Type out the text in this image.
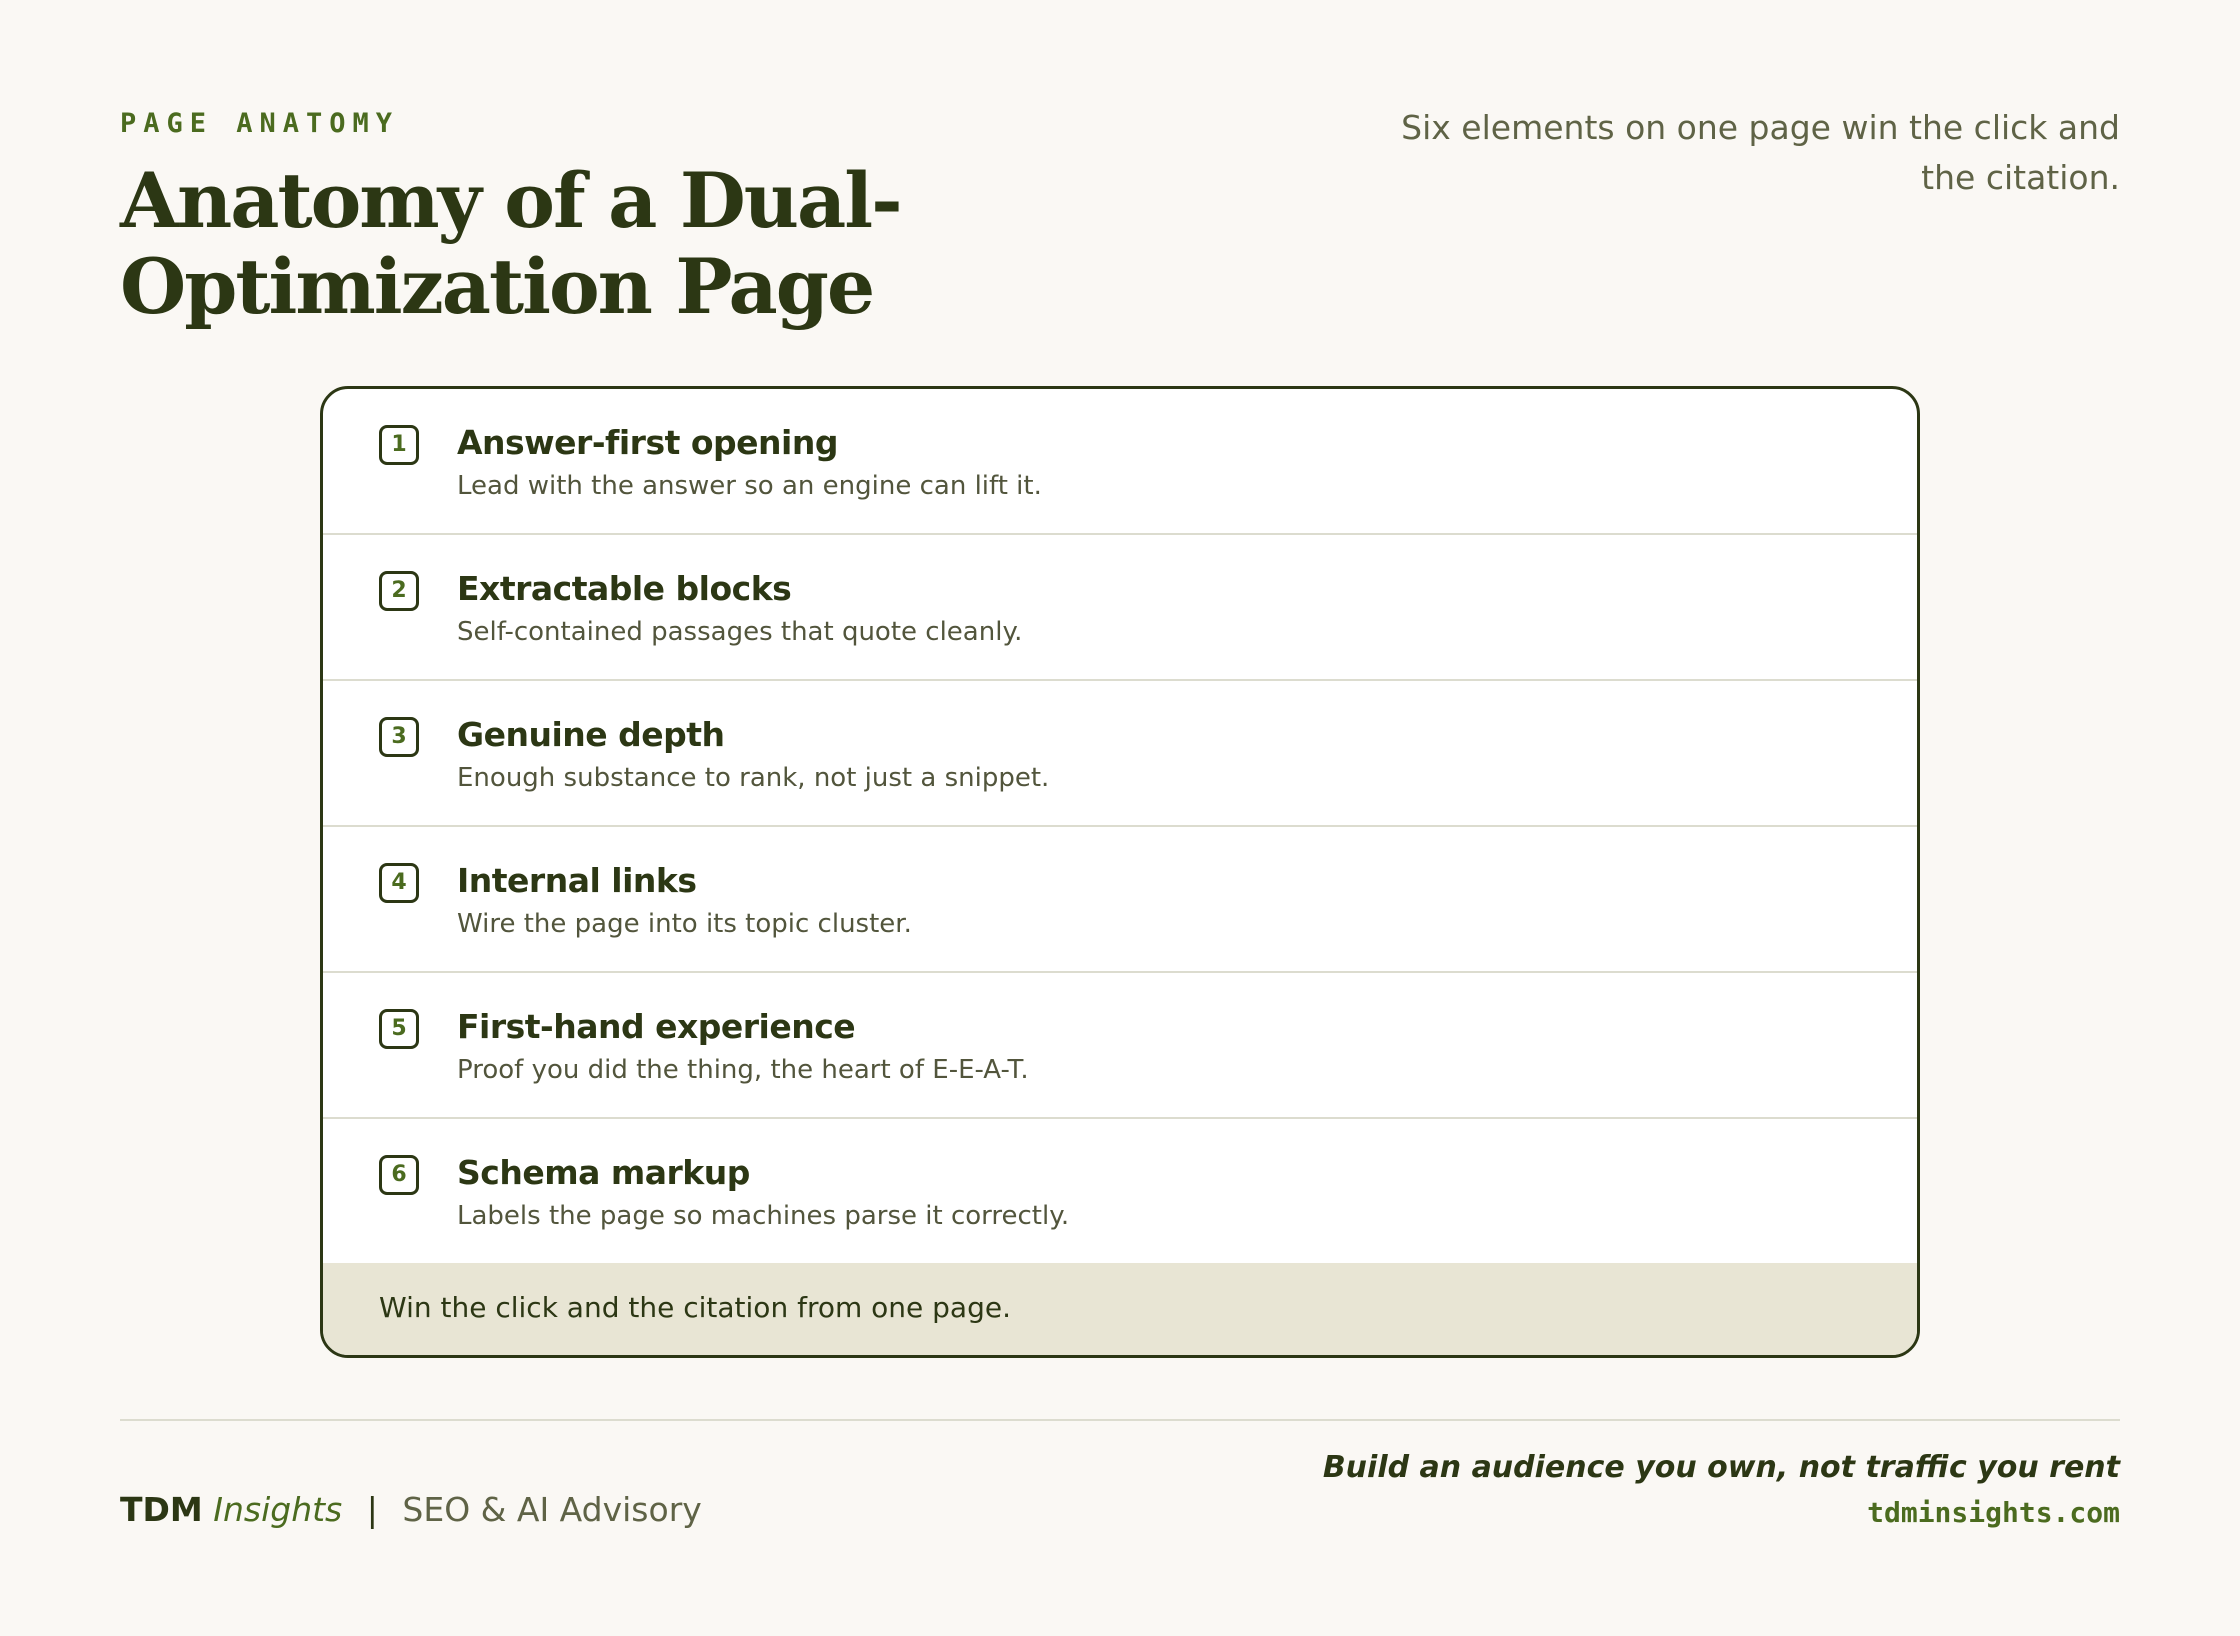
PAGE ANATOMY
Anatomy of a Dual-Optimization Page
Six elements on one page win the click and the citation.
1	Answer-first opening
Lead with the answer so an engine can lift it.
2	Extractable blocks
Self-contained passages that quote cleanly.
3	Genuine depth
Enough substance to rank, not just a snippet.
4	Internal links
Wire the page into its topic cluster.
5	First-hand experience
Proof you did the thing, the heart of E-E-A-T.
6	Schema markup
Labels the page so machines parse it correctly.
Win the click and the citation from one page.
TDM Insights | SEO & AI Advisory
Build an audience you own, not traffic you rent
tdminsights.com
